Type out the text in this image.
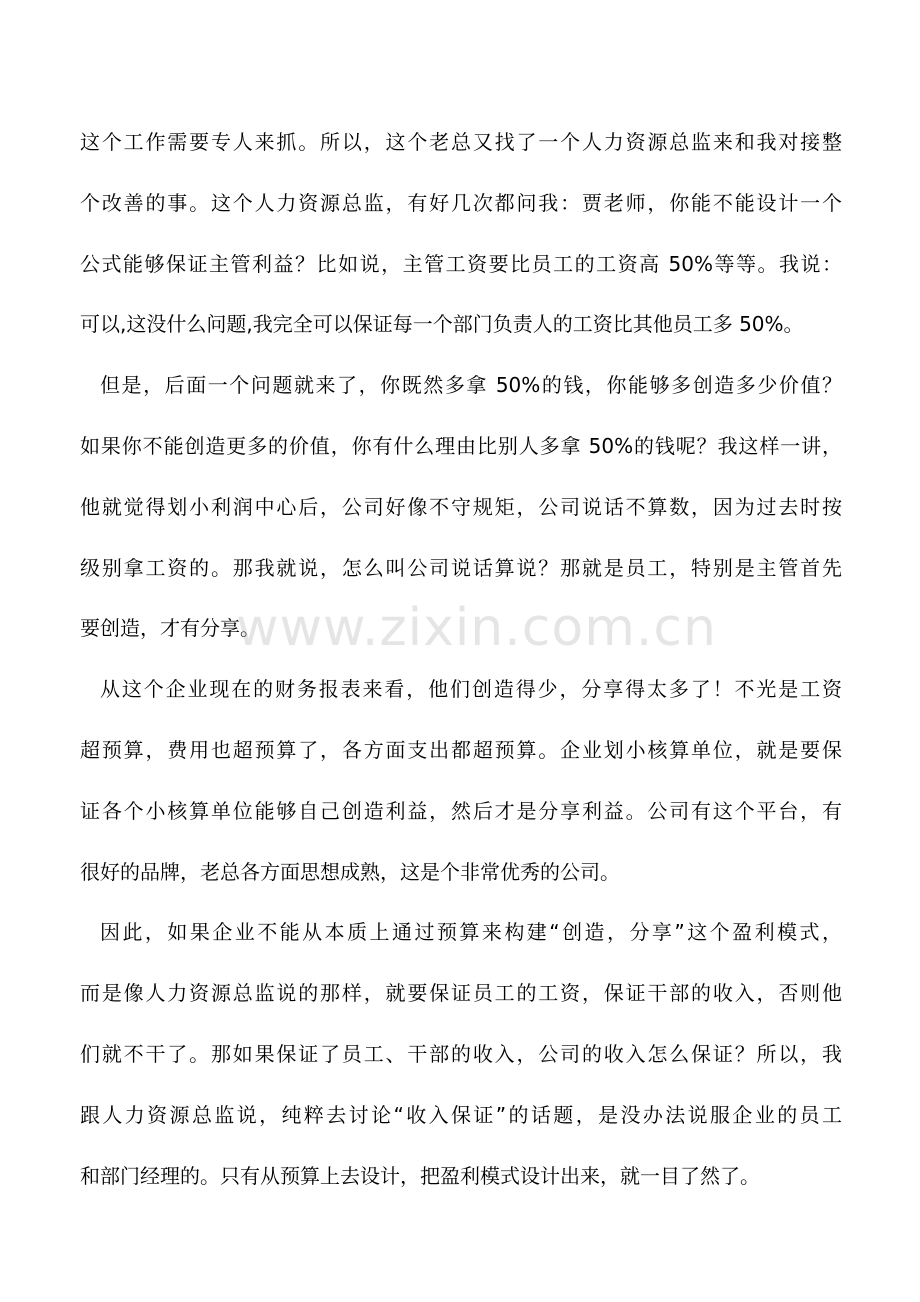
这个工作需要专人来抓。所以，这个老总又找了一个人力资源总监来和我对接整
个改善的事。这个人力资源总监，有好几次都问我：贾老师，你能不能设计一个
公式能够保证主管利益？比如说，主管工资要比员工的工资高 50%等等。我说：
可以,这没什么问题,我完全可以保证每一个部门负责人的工资比其他员工多 50%。
但是，后面一个问题就来了，你既然多拿 50%的钱，你能够多创造多少价值？
如果你不能创造更多的价值，你有什么理由比别人多拿 50%的钱呢？我这样一讲，
他就觉得划小利润中心后，公司好像不守规矩，公司说话不算数，因为过去时按
级别拿工资的。那我就说，怎么叫公司说话算说？那就是员工，特别是主管首先
要创造，才有分享。
从这个企业现在的财务报表来看，他们创造得少，分享得太多了！不光是工资
超预算，费用也超预算了，各方面支出都超预算。企业划小核算单位，就是要保
证各个小核算单位能够自己创造利益，然后才是分享利益。公司有这个平台，有
很好的品牌，老总各方面思想成熟，这是个非常优秀的公司。
因此，如果企业不能从本质上通过预算来构建“创造，分享”这个盈利模式，
而是像人力资源总监说的那样，就要保证员工的工资，保证干部的收入，否则他
们就不干了。那如果保证了员工、干部的收入，公司的收入怎么保证？所以，我
跟人力资源总监说，纯粹去讨论“收入保证”的话题，是没办法说服企业的员工
和部门经理的。只有从预算上去设计，把盈利模式设计出来，就一目了然了。
www.zixin.com.cn
